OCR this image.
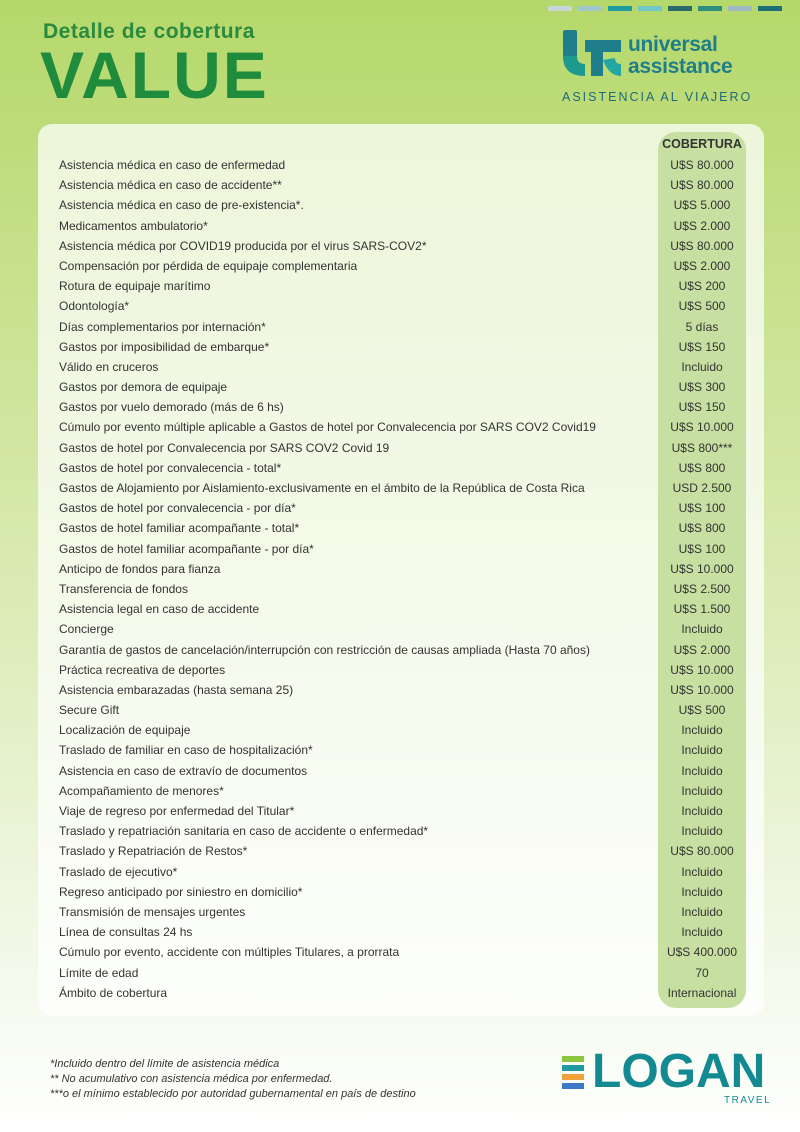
Detalle de cobertura
VALUE	universal
assistance
ASISTENCIA AL VIAJERO
COBERTURA
Asistencia médica en caso de enfermedad	U$S 80.000
Asistencia médica en caso de accidente**	U$S 80.000
Asistencia médica en caso de pre-existencia*.	U$S 5.000
Medicamentos ambulatorio*	U$S 2.000
Asistencia médica por COVID19 producida por el virus SARS-COV2*	U$S 80.000
Compensación por pérdida de equipaje complementaria	U$S 2.000
Rotura de equipaje marítimo	U$S 200
Odontología*	U$S 500
Días complementarios por internación*	5 días
Gastos por imposibilidad de embarque*	U$S 150
Válido en cruceros	Incluido
Gastos por demora de equipaje	U$S 300
Gastos por vuelo demorado (más de 6 hs)	U$S 150
Cúmulo por evento múltiple aplicable a Gastos de hotel por Convalecencia por SARS COV2 Covid19	U$S 10.000
Gastos de hotel por Convalecencia por SARS COV2 Covid 19	U$S 800***
Gastos de hotel por convalecencia - total*	U$S 800
Gastos de Alojamiento por Aislamiento-exclusivamente en el ámbito de la República de Costa Rica	USD 2.500
Gastos de hotel por convalecencia - por día*	U$S 100
Gastos de hotel familiar acompañante - total*	U$S 800
Gastos de hotel familiar acompañante - por día*	U$S 100
Anticipo de fondos para fianza	U$S 10.000
Transferencia de fondos	U$S 2.500
Asistencia legal en caso de accidente	U$S 1.500
Concierge	Incluido
Garantía de gastos de cancelación/interrupción con restricción de causas ampliada (Hasta 70 años)	U$S 2.000
Práctica recreativa de deportes	U$S 10.000
Asistencia embarazadas (hasta semana 25)	U$S 10.000
Secure Gift	U$S 500
Localización de equipaje	Incluido
Traslado de familiar en caso de hospitalización*	Incluido
Asistencia en caso de extravío de documentos	Incluido
Acompañamiento de menores*	Incluido
Viaje de regreso por enfermedad del Titular*	Incluido
Traslado y repatriación sanitaria en caso de accidente o enfermedad*	Incluido
Traslado y Repatriación de Restos*	U$S 80.000
Traslado de ejecutivo*	Incluido
Regreso anticipado por siniestro en domicilio*	Incluido
Transmisión de mensajes urgentes	Incluido
Línea de consultas 24 hs	Incluido
Cúmulo por evento, accidente con múltiples Titulares, a prorrata	U$S 400.000
Límite de edad	70
Ámbito de cobertura	Internacional
*Incluido dentro del límite de asistencia médica
** No acumulativo con asistencia médica por enfermedad.
***o el mínimo establecido por autoridad gubernamental en país de destino	LOGAN
TRAVEL
